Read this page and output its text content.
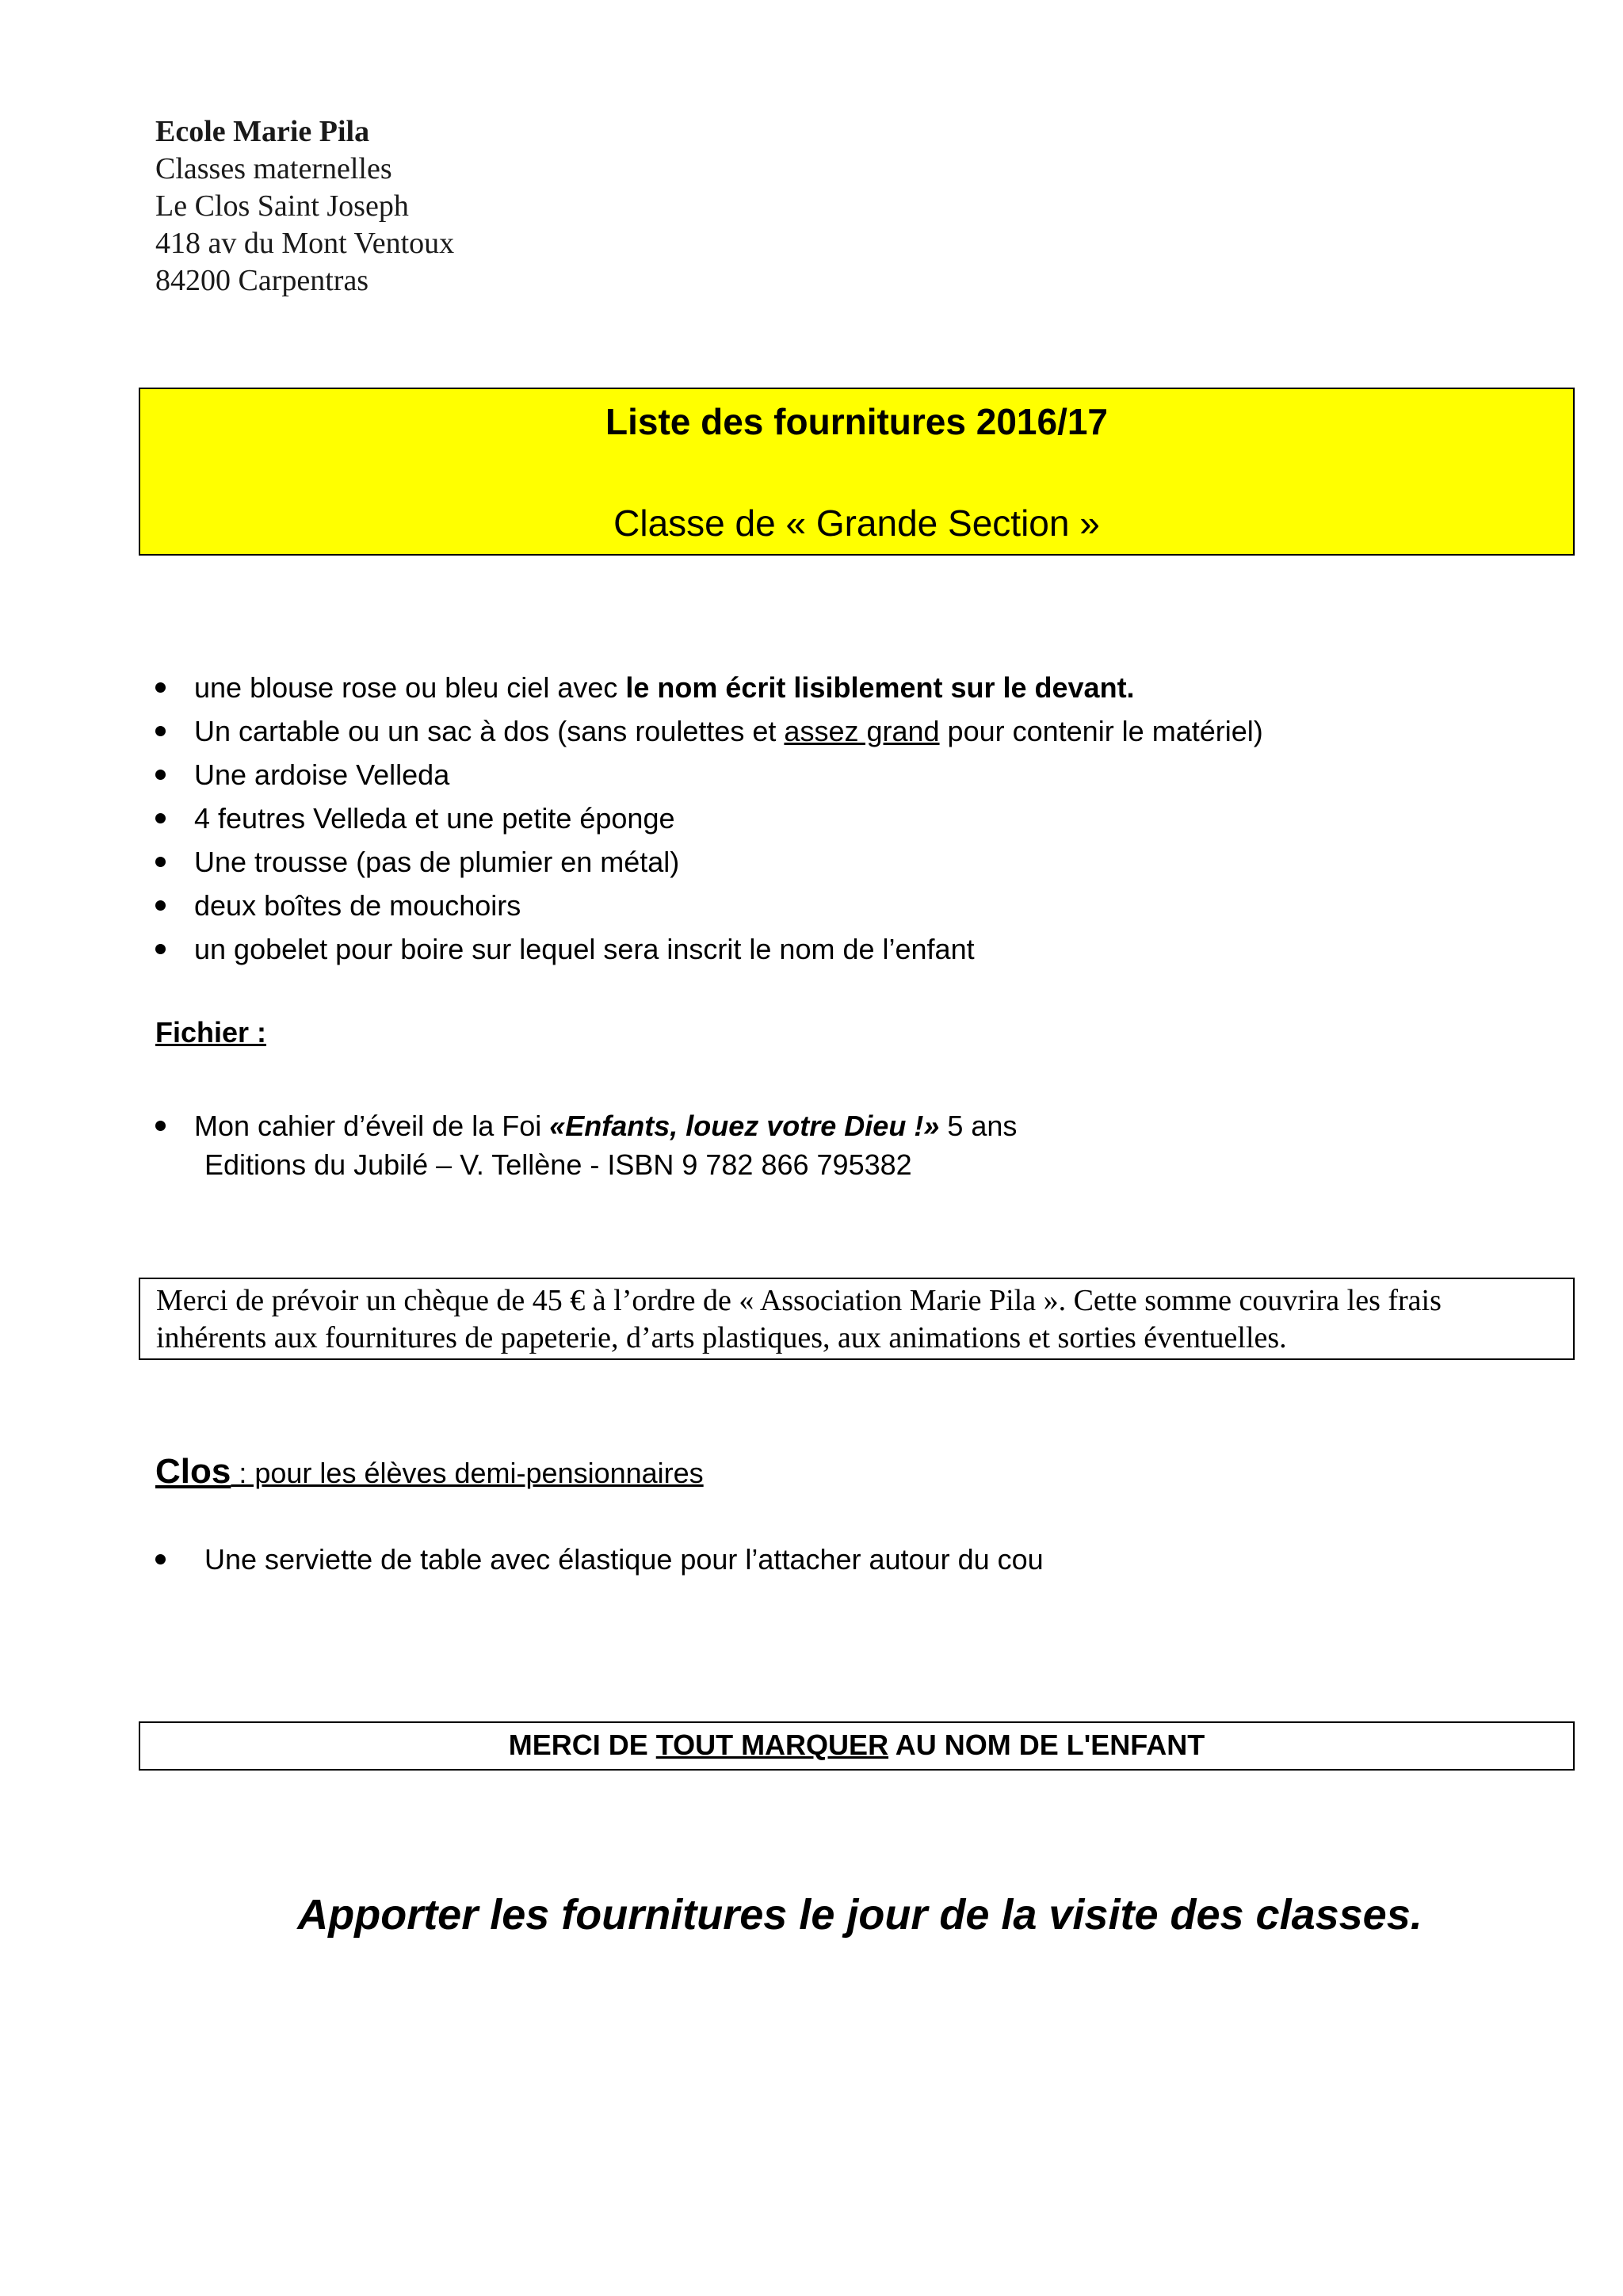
Ecole Marie Pila
Classes maternelles
Le Clos Saint Joseph
418 av du Mont Ventoux
84200 Carpentras
Liste des fournitures 2016/17
Classe de « Grande Section »
une blouse rose ou bleu ciel avec le nom écrit lisiblement sur le devant.
Un cartable ou un sac à dos (sans roulettes et assez grand pour contenir le matériel)
Une ardoise Velleda
4 feutres Velleda et une petite éponge
Une trousse (pas de plumier en métal)
deux boîtes de mouchoirs
un gobelet pour boire sur lequel sera inscrit le nom de l’enfant
Fichier :
Mon cahier d’éveil de la Foi «Enfants, louez votre Dieu !» 5 ans
Editions du Jubilé – V. Tellène - ISBN 9 782 866 795382
Merci de prévoir un chèque de 45 € à l’ordre de « Association Marie Pila ». Cette somme couvrira les frais
inhérents aux fournitures de papeterie, d’arts plastiques, aux animations et sorties éventuelles.
Clos : pour les élèves demi-pensionnaires
Une serviette de table avec élastique pour l’attacher autour du cou
MERCI DE TOUT MARQUER AU NOM DE L'ENFANT
Apporter les fournitures le jour de la visite des classes.
